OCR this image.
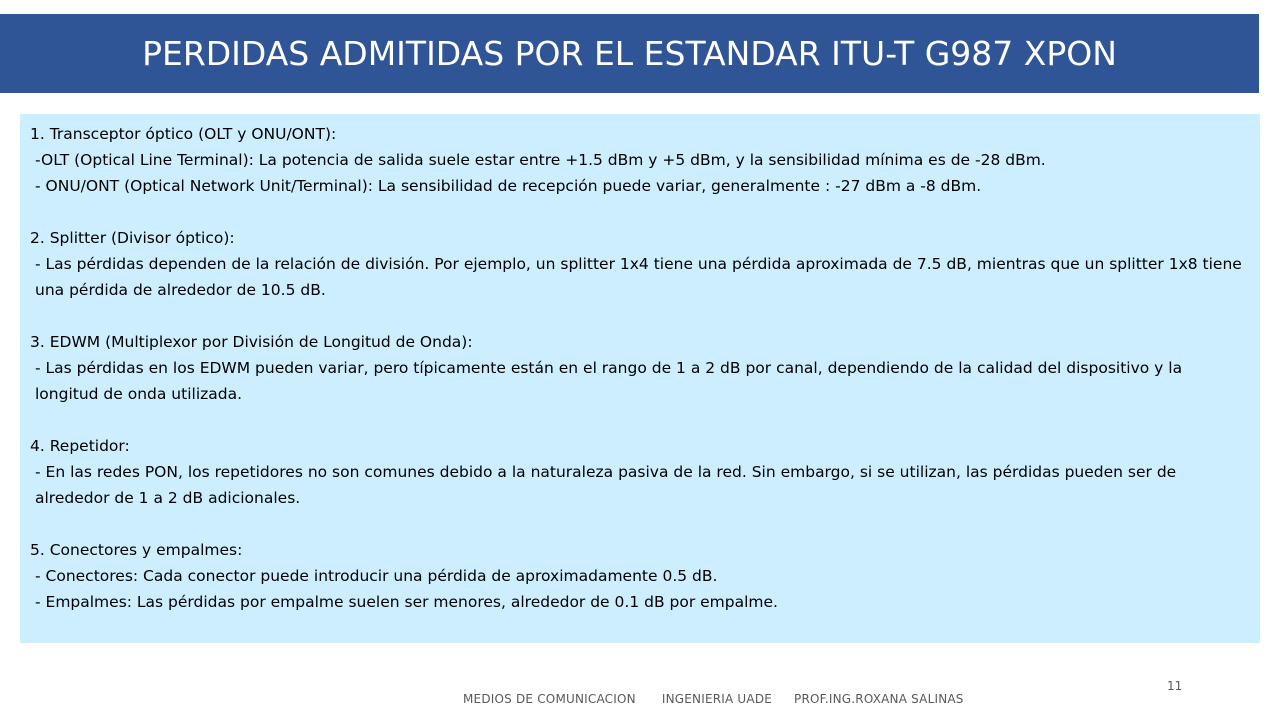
PERDIDAS ADMITIDAS POR EL ESTANDAR ITU-T G987 XPON
1. Transceptor óptico (OLT y ONU/ONT):
-OLT (Optical Line Terminal): La potencia de salida suele estar entre +1.5 dBm y +5 dBm, y la sensibilidad mínima es de -28 dBm.
- ONU/ONT (Optical Network Unit/Terminal): La sensibilidad de recepción puede variar, generalmente : -27 dBm a -8 dBm.
2. Splitter (Divisor óptico):
- Las pérdidas dependen de la relación de división. Por ejemplo, un splitter 1x4 tiene una pérdida aproximada de 7.5 dB, mientras que un splitter 1x8 tiene una pérdida de alrededor de 10.5 dB.
3. EDWM (Multiplexor por División de Longitud de Onda):
- Las pérdidas en los EDWM pueden variar, pero típicamente están en el rango de 1 a 2 dB por canal, dependiendo de la calidad del dispositivo y la longitud de onda utilizada.
4. Repetidor:
- En las redes PON, los repetidores no son comunes debido a la naturaleza pasiva de la red. Sin embargo, si se utilizan, las pérdidas pueden ser de alrededor de 1 a 2 dB adicionales.
5. Conectores y empalmes:
- Conectores: Cada conector puede introducir una pérdida de aproximadamente 0.5 dB.
- Empalmes: Las pérdidas por empalme suelen ser menores, alrededor de 0.1 dB por empalme.
MEDIOS DE COMUNICACION INGENIERIA UADE PROF.ING.ROXANA SALINAS
11
